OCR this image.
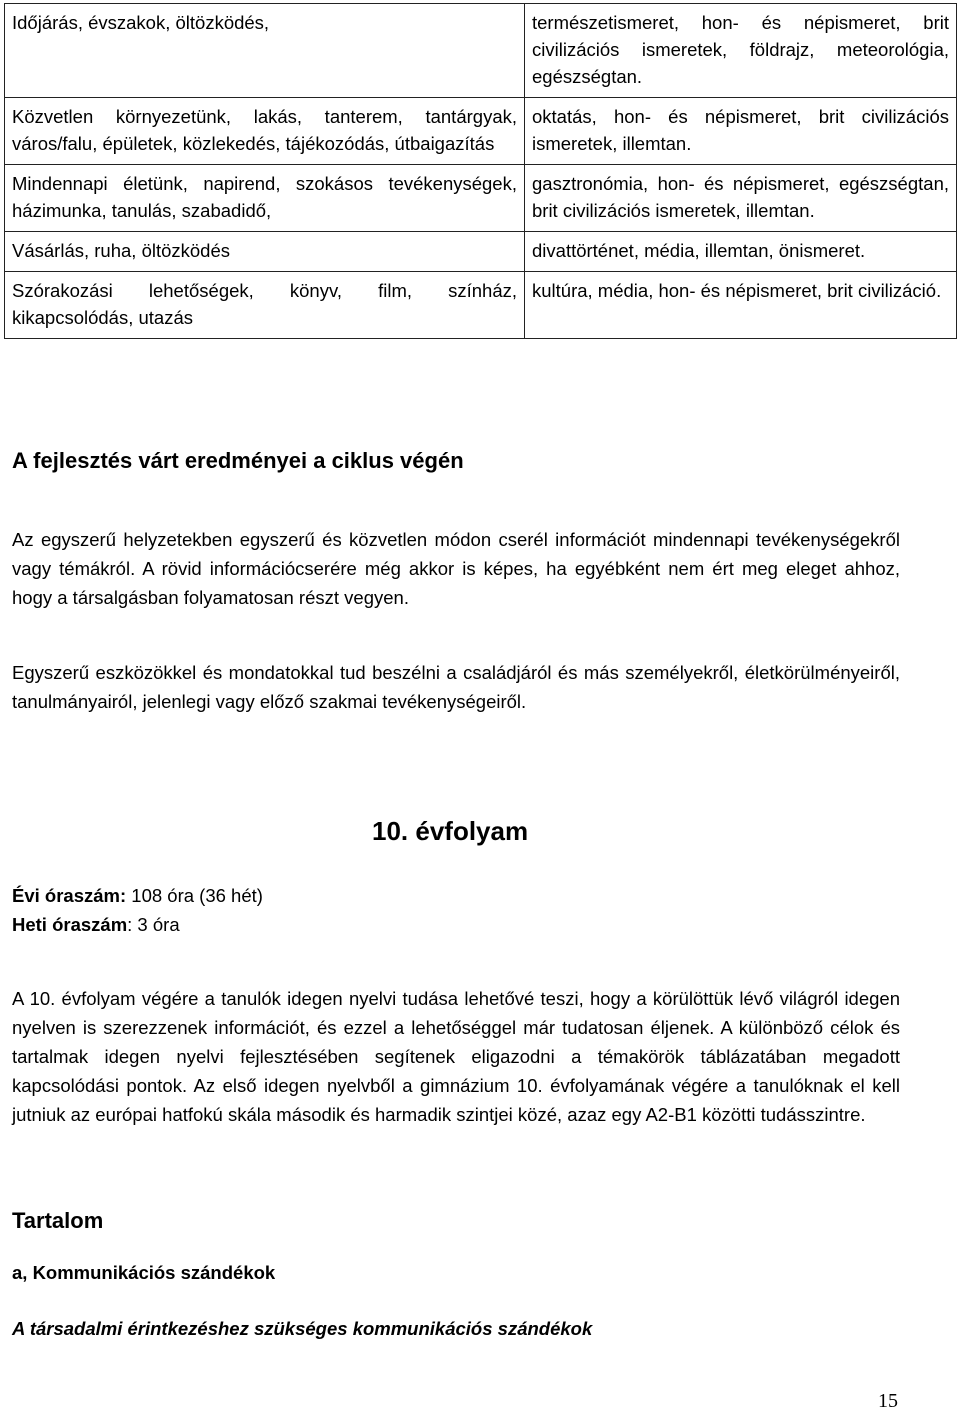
Időjárás, évszakok, öltözködés,	természetismeret, hon- és népismeret, brit civilizációs ismeretek, földrajz, meteorológia, egészségtan.
Közvetlen környezetünk, lakás, tanterem, tantárgyak, város/falu, épületek, közlekedés, tájékozódás, útbaigazítás	oktatás, hon- és népismeret, brit civilizációs ismeretek, illemtan.
Mindennapi életünk, napirend, szokásos tevékenységek, házimunka, tanulás, szabadidő,	gasztronómia, hon- és népismeret, egészségtan, brit civilizációs ismeretek, illemtan.
Vásárlás, ruha, öltözködés	divattörténet, média, illemtan, önismeret.
Szórakozási lehetőségek, könyv, film, színház, kikapcsolódás, utazás	kultúra, média, hon- és népismeret, brit civilizáció.
A fejlesztés várt eredményei a ciklus végén

Az egyszerű helyzetekben egyszerű és közvetlen módon cserél információt mindennapi tevékenységekről vagy témákról. A rövid információcserére még akkor is képes, ha egyébként nem ért meg eleget ahhoz, hogy a társalgásban folyamatosan részt vegyen.

Egyszerű eszközökkel és mondatokkal tud beszélni a családjáról és más személyekről, életkörülményeiről, tanulmányairól, jelenlegi vagy előző szakmai tevékenységeiről.

10. évfolyam
Évi óraszám: 108 óra (36 hét)
Heti óraszám: 3 óra

A 10. évfolyam végére a tanulók idegen nyelvi tudása lehetővé teszi, hogy a körülöttük lévő világról idegen nyelven is szerezzenek információt, és ezzel a lehetőséggel már tudatosan éljenek. A különböző célok és tartalmak idegen nyelvi fejlesztésében segítenek eligazodni a témakörök táblázatában megadott kapcsolódási pontok. Az első idegen nyelvből a gimnázium 10. évfolyamának végére a tanulóknak el kell jutniuk az európai hatfokú skála második és harmadik szintjei közé, azaz egy A2-B1 közötti tudásszintre.

Tartalom
a, Kommunikációs szándékok
A társadalmi érintkezéshez szükséges kommunikációs szándékok
15
